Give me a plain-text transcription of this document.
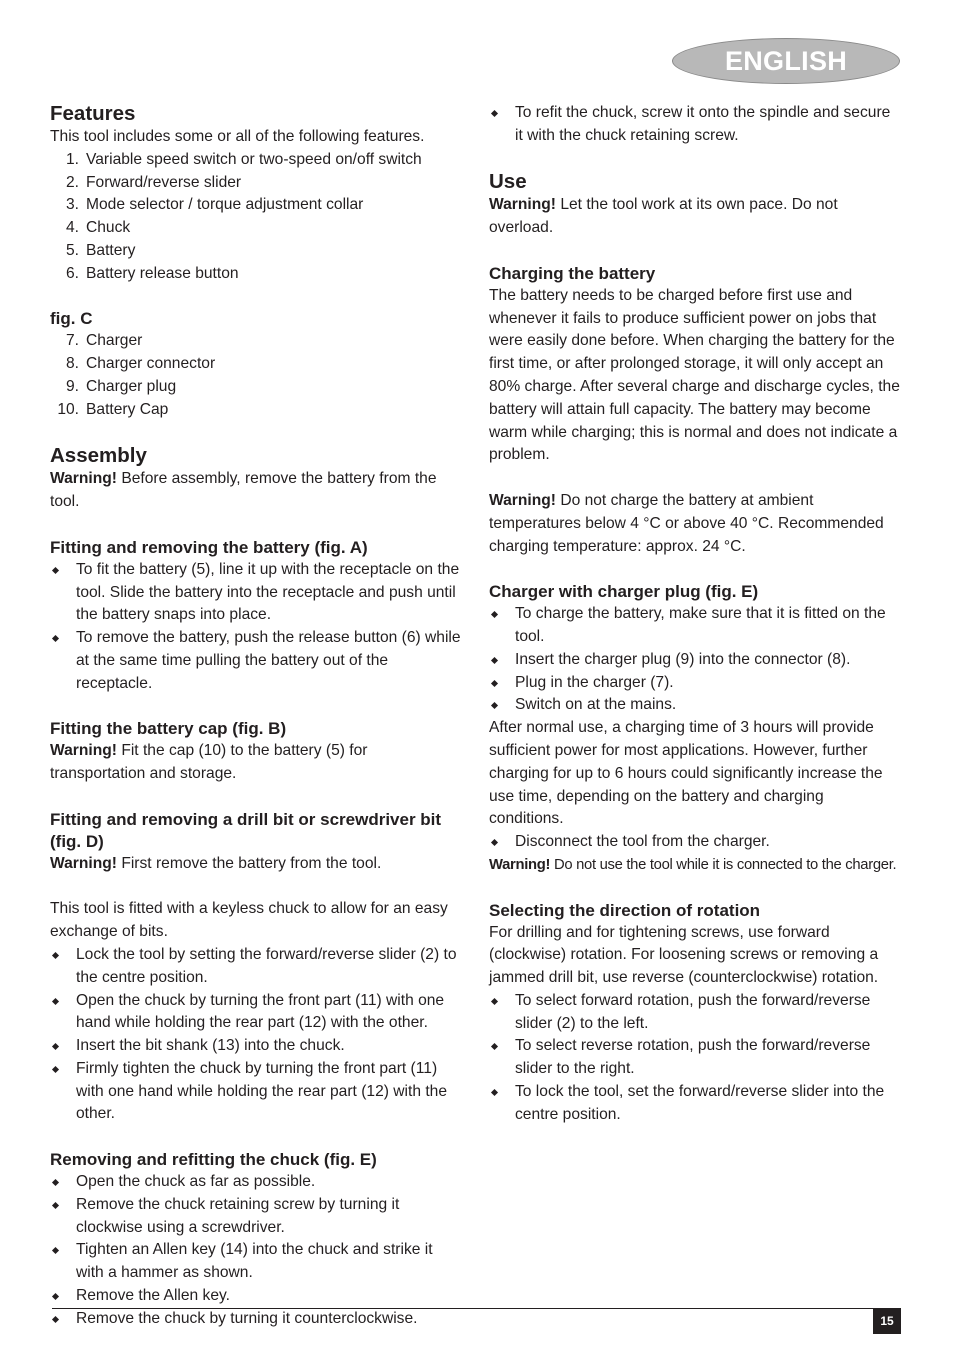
ENGLISH
Features

This tool includes some or all of the following features.

1. Variable speed switch or two-speed on/off switch
2. Forward/reverse slider
3. Mode selector / torque adjustment collar
4. Chuck
5. Battery
6. Battery release button
fig. C
7. Charger
8. Charger connector
9. Charger plug
10. Battery Cap
Assembly

Warning! Before assembly, remove the battery from the tool.

Fitting and removing the battery (fig. A)
To fit the battery (5), line it up with the receptacle on the tool. Slide the battery into the receptacle and push until the battery snaps into place.
To remove the battery, push the release button (6) while at the same time pulling the battery out of the receptacle.
Fitting the battery cap (fig. B)

Warning! Fit the cap (10) to the battery (5) for transportation and storage.

Fitting and removing a drill bit or screwdriver bit (fig. D)

Warning! First remove the battery from the tool.

This tool is fitted with a keyless chuck to allow for an easy exchange of bits.

Lock the tool by setting the forward/reverse slider (2) to the centre position.
Open the chuck by turning the front part (11) with one hand while holding the rear part (12) with the other.
Insert the bit shank (13) into the chuck.
Firmly tighten the chuck by turning the front part (11) with one hand while holding the rear part (12) with the other.
Removing and refitting the chuck (fig. E)
Open the chuck as far as possible.
Remove the chuck retaining screw by turning it clockwise using a screwdriver.
Tighten an Allen key (14) into the chuck and strike it with a hammer as shown.
Remove the Allen key.
Remove the chuck by turning it counterclockwise.
To refit the chuck, screw it onto the spindle and secure it with the chuck retaining screw.
Use

Warning! Let the tool work at its own pace. Do not overload.

Charging the battery

The battery needs to be charged before first use and whenever it fails to produce sufficient power on jobs that were easily done before. When charging the battery for the first time, or after prolonged storage, it will only accept an 80% charge. After several charge and discharge cycles, the battery will attain full capacity. The battery may become warm while charging; this is normal and does not indicate a problem.

Warning! Do not charge the battery at ambient temperatures below 4 °C or above 40 °C. Recommended charging temperature: approx. 24 °C.

Charger with charger plug (fig. E)
To charge the battery, make sure that it is fitted on the tool.
Insert the charger plug (9) into the connector (8).
Plug in the charger (7).
Switch on at the mains.

After normal use, a charging time of 3 hours will provide sufficient power for most applications. However, further charging for up to 6 hours could significantly increase the use time, depending on the battery and charging conditions.

Disconnect the tool from the charger.

Warning! Do not use the tool while it is connected to the charger.

Selecting the direction of rotation

For drilling and for tightening screws, use forward (clockwise) rotation. For loosening screws or removing a jammed drill bit, use reverse (counterclockwise) rotation.

To select forward rotation, push the forward/reverse slider (2) to the left.
To select reverse rotation, push the forward/reverse slider to the right.
To lock the tool, set the forward/reverse slider into the centre position.
15
